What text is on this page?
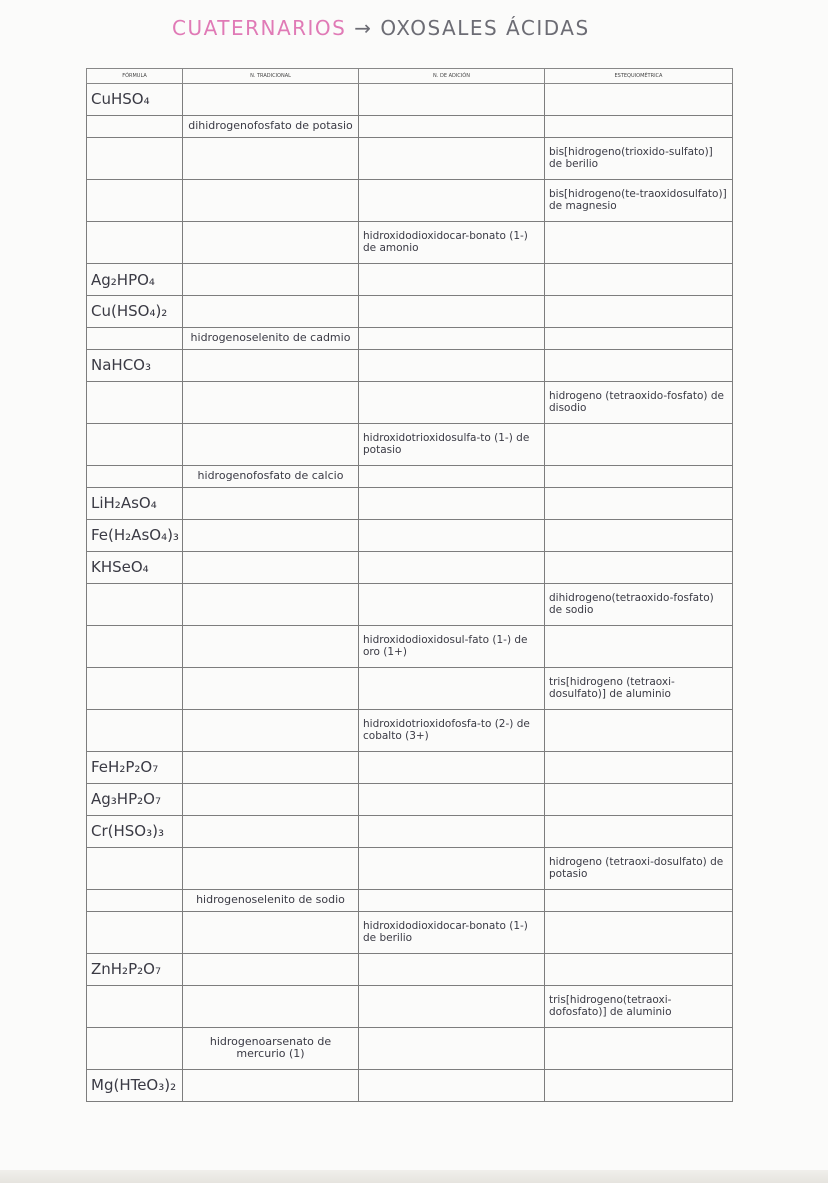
CUATERNARIOS → OXOSALES ÁCIDAS
FÓRMULA	N. TRADICIONAL	N. DE ADICIÓN	ESTEQUIOMÉTRICA
CuHSO₄			
	dihidrogenofosfato de potasio		
			bis[hidrogeno(trioxido-sulfato)] de berilio
			bis[hidrogeno(te-traoxidosulfato)] de magnesio
		hidroxidodioxidocar-bonato (1-) de amonio	
Ag₂HPO₄			
Cu(HSO₄)₂			
	hidrogenoselenito de cadmio		
NaHCO₃			
			hidrogeno (tetraoxido-fosfato) de disodio
		hidroxidotrioxidosulfa-to (1-) de potasio	
	hidrogenofosfato de calcio		
LiH₂AsO₄			
Fe(H₂AsO₄)₃			
KHSeO₄			
			dihidrogeno(tetraoxido-fosfato) de sodio
		hidroxidodioxidosul-fato (1-) de oro (1+)	
			tris[hidrogeno (tetraoxi-dosulfato)] de aluminio
		hidroxidotrioxidofosfa-to (2-) de cobalto (3+)	
FeH₂P₂O₇			
Ag₃HP₂O₇			
Cr(HSO₃)₃			
			hidrogeno (tetraoxi-dosulfato) de potasio
	hidrogenoselenito de sodio		
		hidroxidodioxidocar-bonato (1-) de berilio	
ZnH₂P₂O₇			
			tris[hidrogeno(tetraoxi-dofosfato)] de aluminio
	hidrogenoarsenato de mercurio (1)		
Mg(HTeO₃)₂			
